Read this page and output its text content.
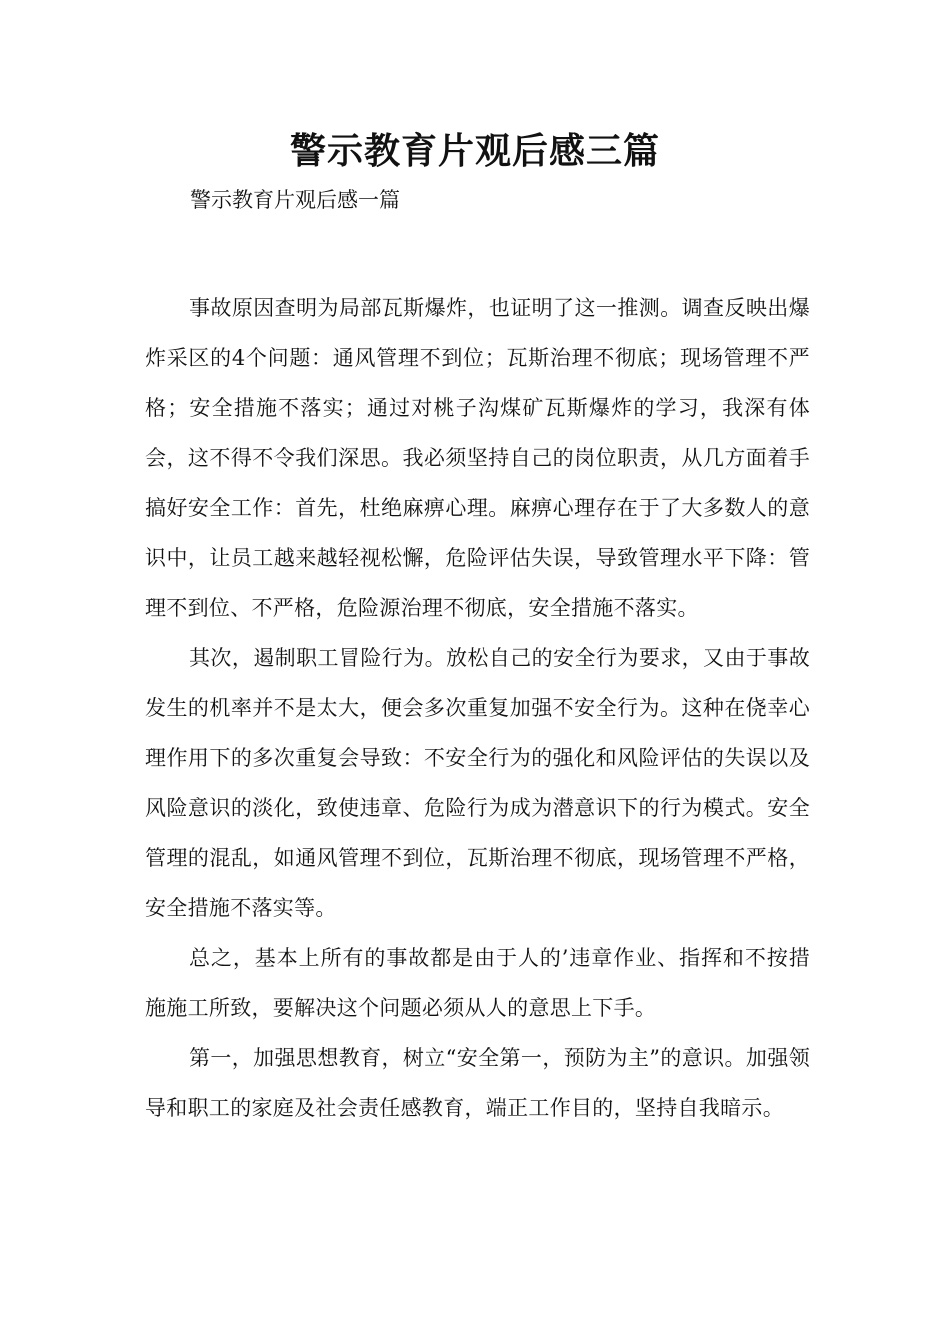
警示教育片观后感三篇

警示教育片观后感一篇

事故原因查明为局部瓦斯爆炸，也证明了这一推测。调查反映出爆炸采区的4个问题：通风管理不到位；瓦斯治理不彻底；现场管理不严格；安全措施不落实；通过对桃子沟煤矿瓦斯爆炸的学习，我深有体会，这不得不令我们深思。我必须坚持自己的岗位职责，从几方面着手搞好安全工作：首先，杜绝麻痹心理。麻痹心理存在于了大多数人的意识中，让员工越来越轻视松懈，危险评估失误，导致管理水平下降：管理不到位、不严格，危险源治理不彻底，安全措施不落实。

其次，遏制职工冒险行为。放松自己的安全行为要求，又由于事故发生的机率并不是太大，便会多次重复加强不安全行为。这种在侥幸心理作用下的多次重复会导致：不安全行为的强化和风险评估的失误以及风险意识的淡化，致使违章、危险行为成为潜意识下的行为模式。安全管理的混乱，如通风管理不到位，瓦斯治理不彻底，现场管理不严格，安全措施不落实等。

总之，基本上所有的事故都是由于人的’违章作业、指挥和不按措施施工所致，要解决这个问题必须从人的意思上下手。

第一，加强思想教育，树立“安全第一，预防为主”的意识。加强领导和职工的家庭及社会责任感教育，端正工作目的，坚持自我暗示。
